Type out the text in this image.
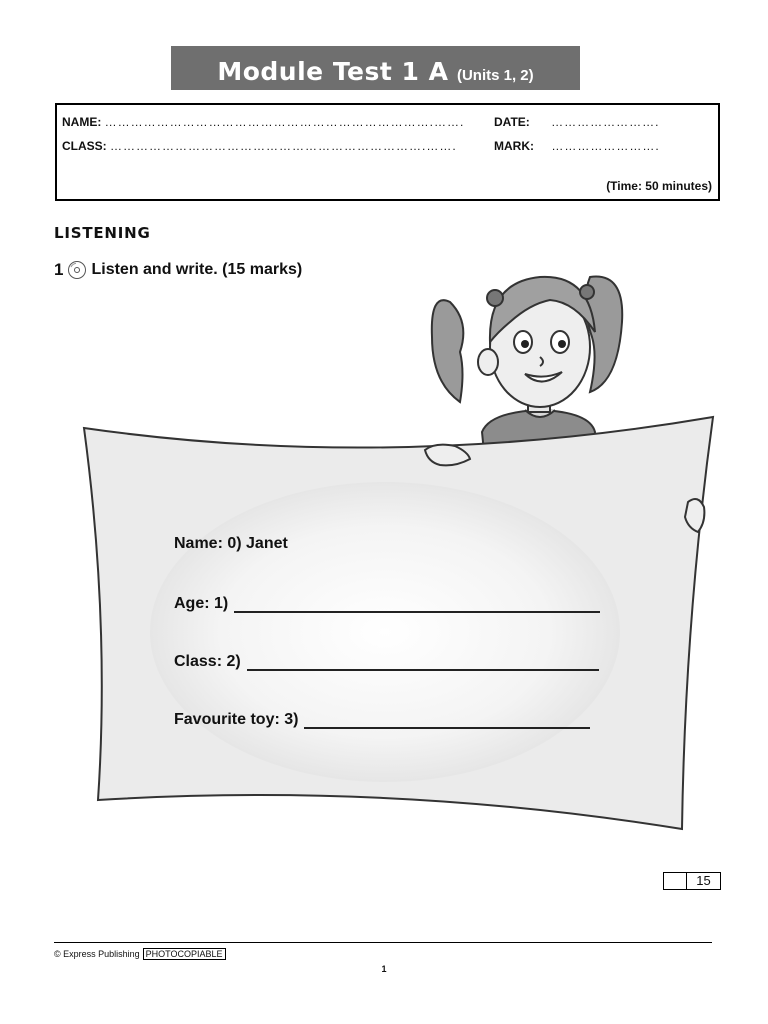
Module Test 1 A (Units 1, 2)
NAME: ………………………………………………………………….…….
CLASS: ……………………………………………………………….…….
DATE: …………………….
MARK: …………………….
(Time: 50 minutes)
LISTENING
1 Listen and write. (15 marks)
Name: 0) Janet
Age: 1)
Class: 2)
Favourite toy: 3)
15
© Express Publishing PHOTOCOPIABLE
1
